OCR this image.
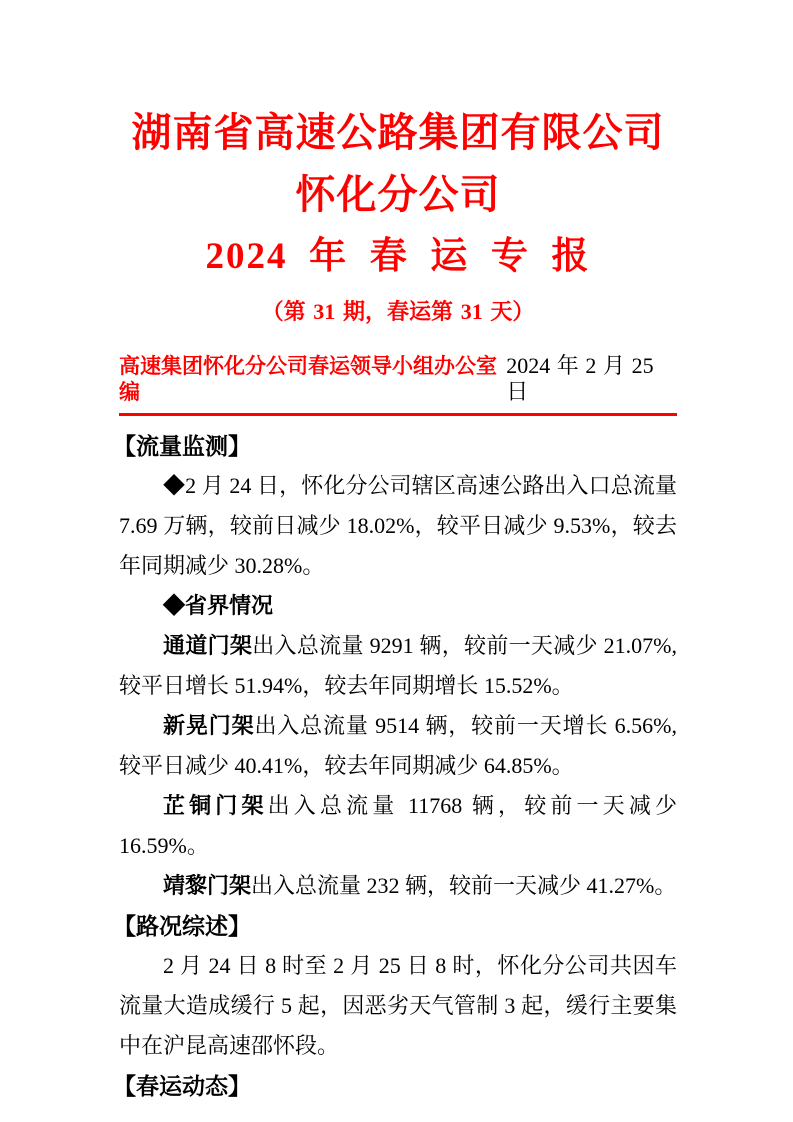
湖南省高速公路集团有限公司
怀化分公司
2024 年 春 运 专 报
（第 31 期，春运第 31 天）
高速集团怀化分公司春运领导小组办公室编
2024 年 2 月 25 日
【流量监测】

◆2 月 24 日，怀化分公司辖区高速公路出入口总流量 7.69 万辆，较前日减少 18.02%，较平日减少 9.53%，较去年同期减少 30.28%。

◆省界情况

通道门架出入总流量 9291 辆，较前一天减少 21.07%,较平日增长 51.94%，较去年同期增长 15.52%。

新晃门架出入总流量 9514 辆，较前一天增长 6.56%,较平日减少 40.41%，较去年同期减少 64.85%。

芷铜门架出入总流量 11768 辆，较前一天减少 16.59%。

靖黎门架出入总流量 232 辆，较前一天减少 41.27%。

【路况综述】

2 月 24 日 8 时至 2 月 25 日 8 时，怀化分公司共因车流量大造成缓行 5 起，因恶劣天气管制 3 起，缓行主要集中在沪昆高速邵怀段。

【春运动态】
